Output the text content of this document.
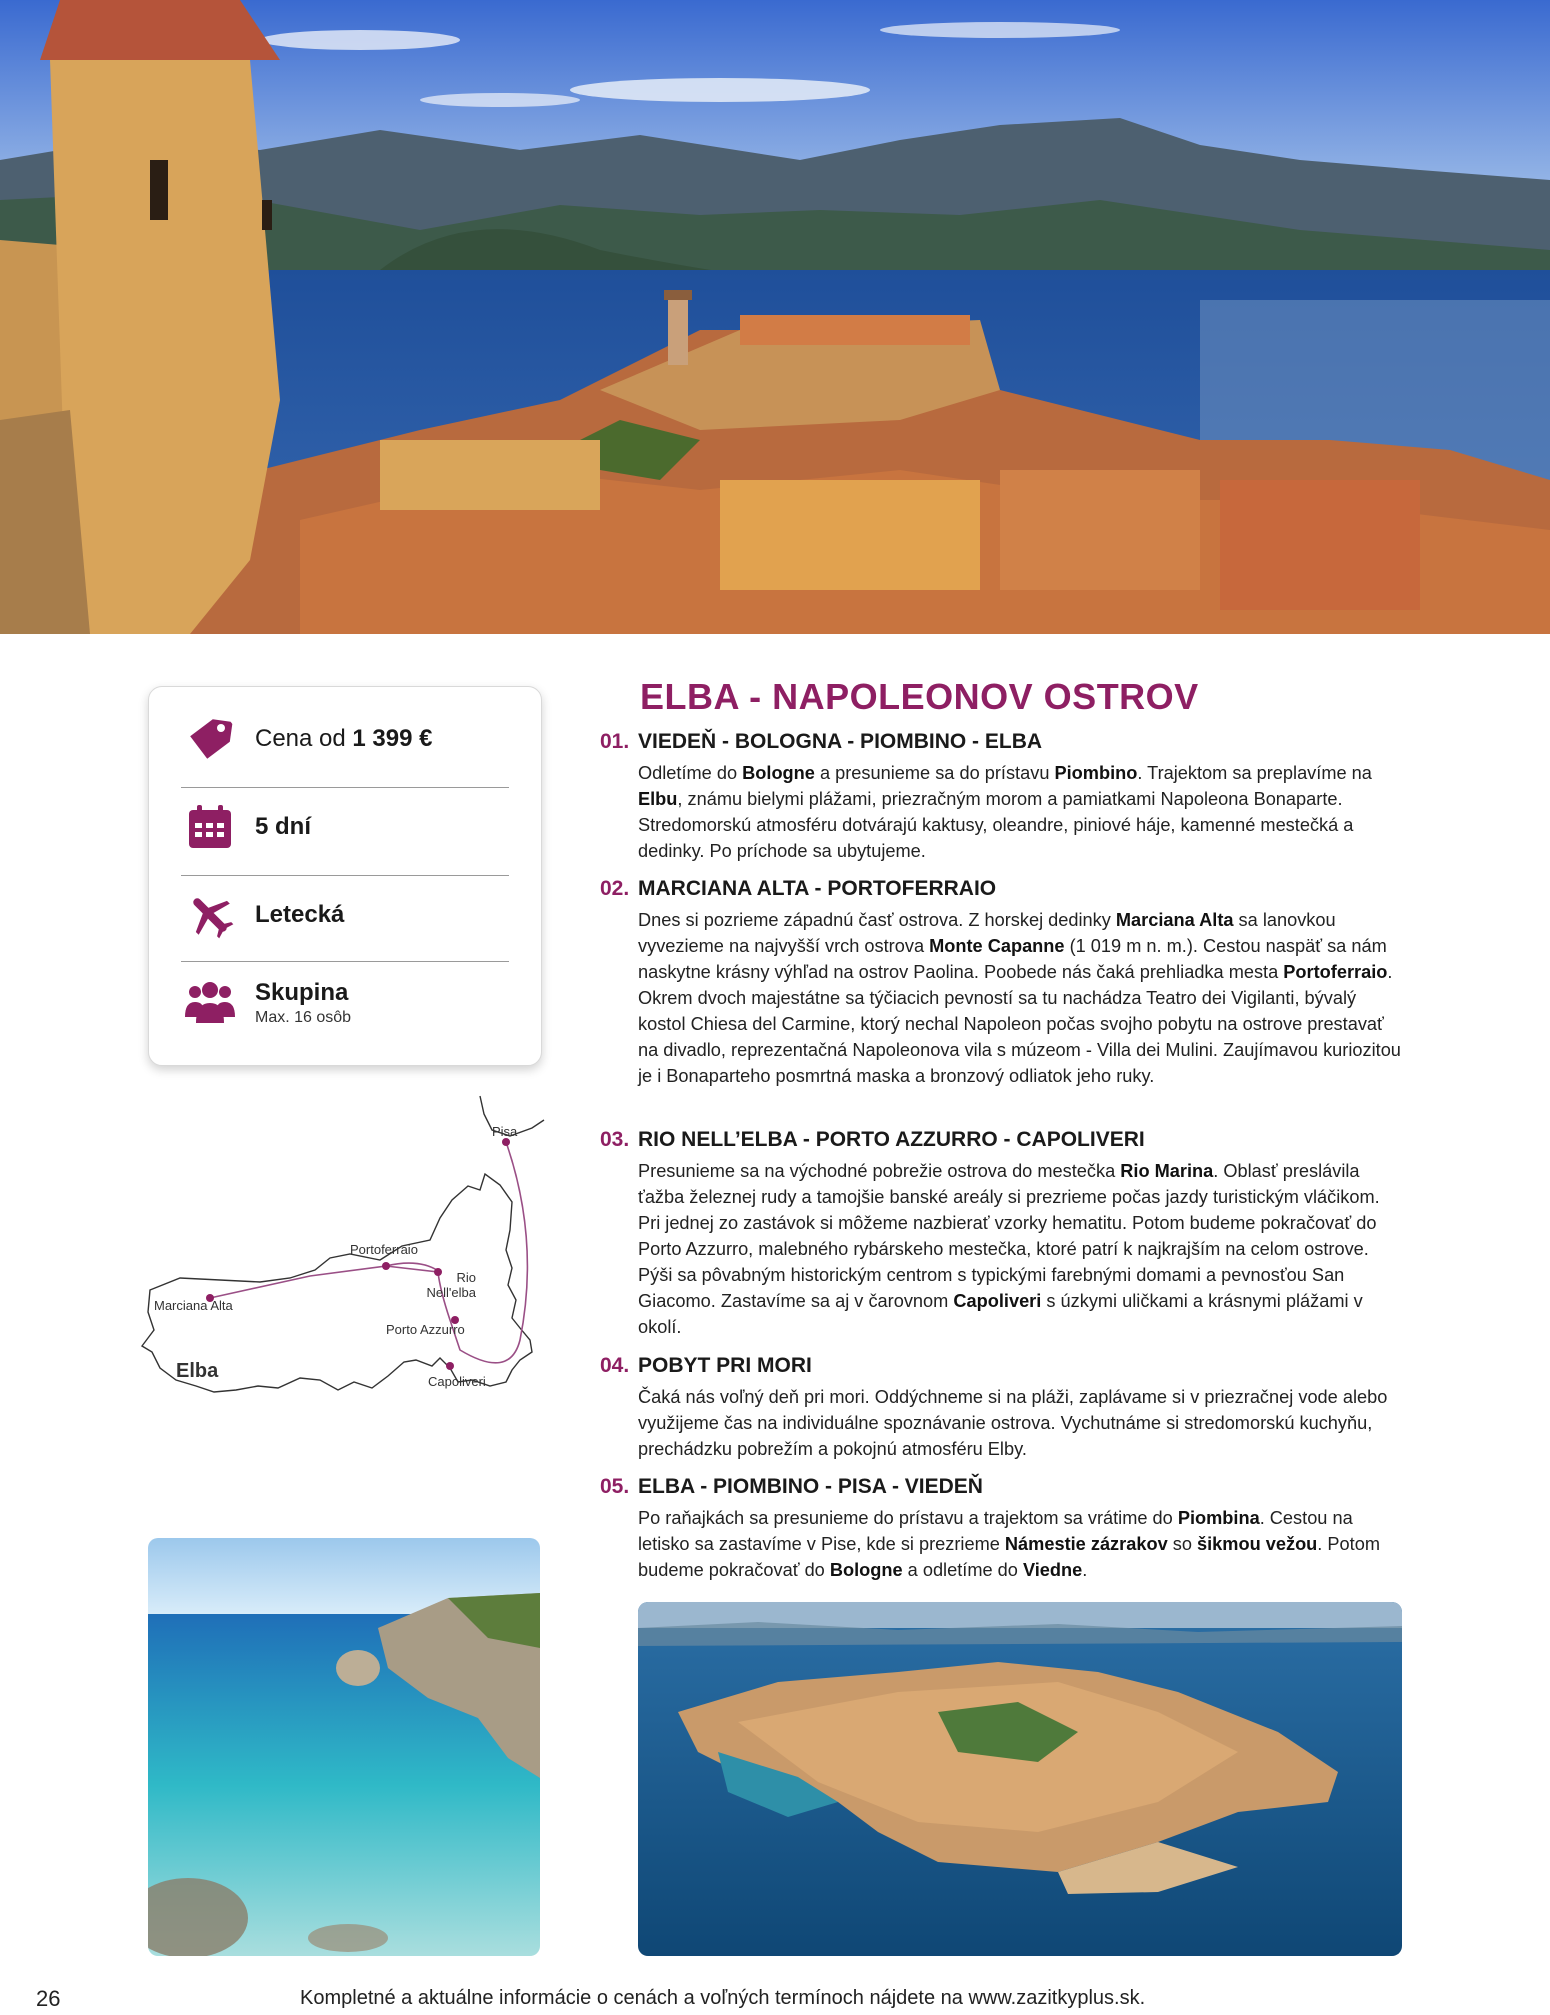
Cena od 1 399 €
5 dní
Letecká
Skupina
Max. 16 osôb
Pisa
Portoferraio
Rio Nell'elba
Marciana Alta
Porto Azzurro
Capoliveri
Elba
ELBA - NAPOLEONOV OSTROV
01. VIEDEŇ - BOLOGNA - PIOMBINO - ELBA
Odletíme do Bologne a presunieme sa do prístavu Piombino. Trajektom sa preplavíme na Elbu, známu bielymi plážami, priezračným morom a pamiatkami Napoleona Bonaparte. Stredomorskú atmosféru dotvárajú kaktusy, oleandre, piniové háje, kamenné mestečká a dedinky. Po príchode sa ubytujeme.
02. MARCIANA ALTA - PORTOFERRAIO
Dnes si pozrieme západnú časť ostrova. Z horskej dedinky Marciana Alta sa lanovkou vyvezieme na najvyšší vrch ostrova Monte Capanne (1 019 m n. m.). Cestou naspäť sa nám naskytne krásny výhľad na ostrov Paolina. Poobede nás čaká prehliadka mesta Portoferraio. Okrem dvoch majestátne sa týčiacich pevností sa tu nachádza Teatro dei Vigilanti, bývalý kostol Chiesa del Carmine, ktorý nechal Napoleon počas svojho pobytu na ostrove prestavať na divadlo, reprezentačná Napoleonova vila s múzeom - Villa dei Mulini. Zaujímavou kuriozitou je i Bonaparteho posmrtná maska a bronzový odliatok jeho ruky.
03. RIO NELL’ELBA - PORTO AZZURRO - CAPOLIVERI
Presunieme sa na východné pobrežie ostrova do mestečka Rio Marina. Oblasť preslávila ťažba železnej rudy a tamojšie banské areály si prezrieme počas jazdy turistickým vláčikom. Pri jednej zo zastávok si môžeme nazbierať vzorky hematitu. Potom budeme pokračovať do Porto Azzurro, malebného rybárskeho mestečka, ktoré patrí k najkrajším na celom ostrove. Pýši sa pôvabným historickým centrom s typickými farebnými domami a pevnosťou San Giacomo. Zastavíme sa aj v čarovnom Capoliveri s úzkymi uličkami a krásnymi plážami v okolí.
04. POBYT PRI MORI
Čaká nás voľný deň pri mori. Oddýchneme si na pláži, zaplávame si v priezračnej vode alebo využijeme čas na individuálne spoznávanie ostrova. Vychutnáme si stredomorskú kuchyňu, prechádzku pobrežím a pokojnú atmosféru Elby.
05. ELBA - PIOMBINO - PISA - VIEDEŇ
Po raňajkách sa presunieme do prístavu a trajektom sa vrátime do Piombina. Cestou na letisko sa zastavíme v Pise, kde si prezrieme Námestie zázrakov so šikmou vežou. Potom budeme pokračovať do Bologne a odletíme do Viedne.
26	Kompletné a aktuálne informácie o cenách a voľných termínoch nájdete na www.zazitkyplus.sk.
